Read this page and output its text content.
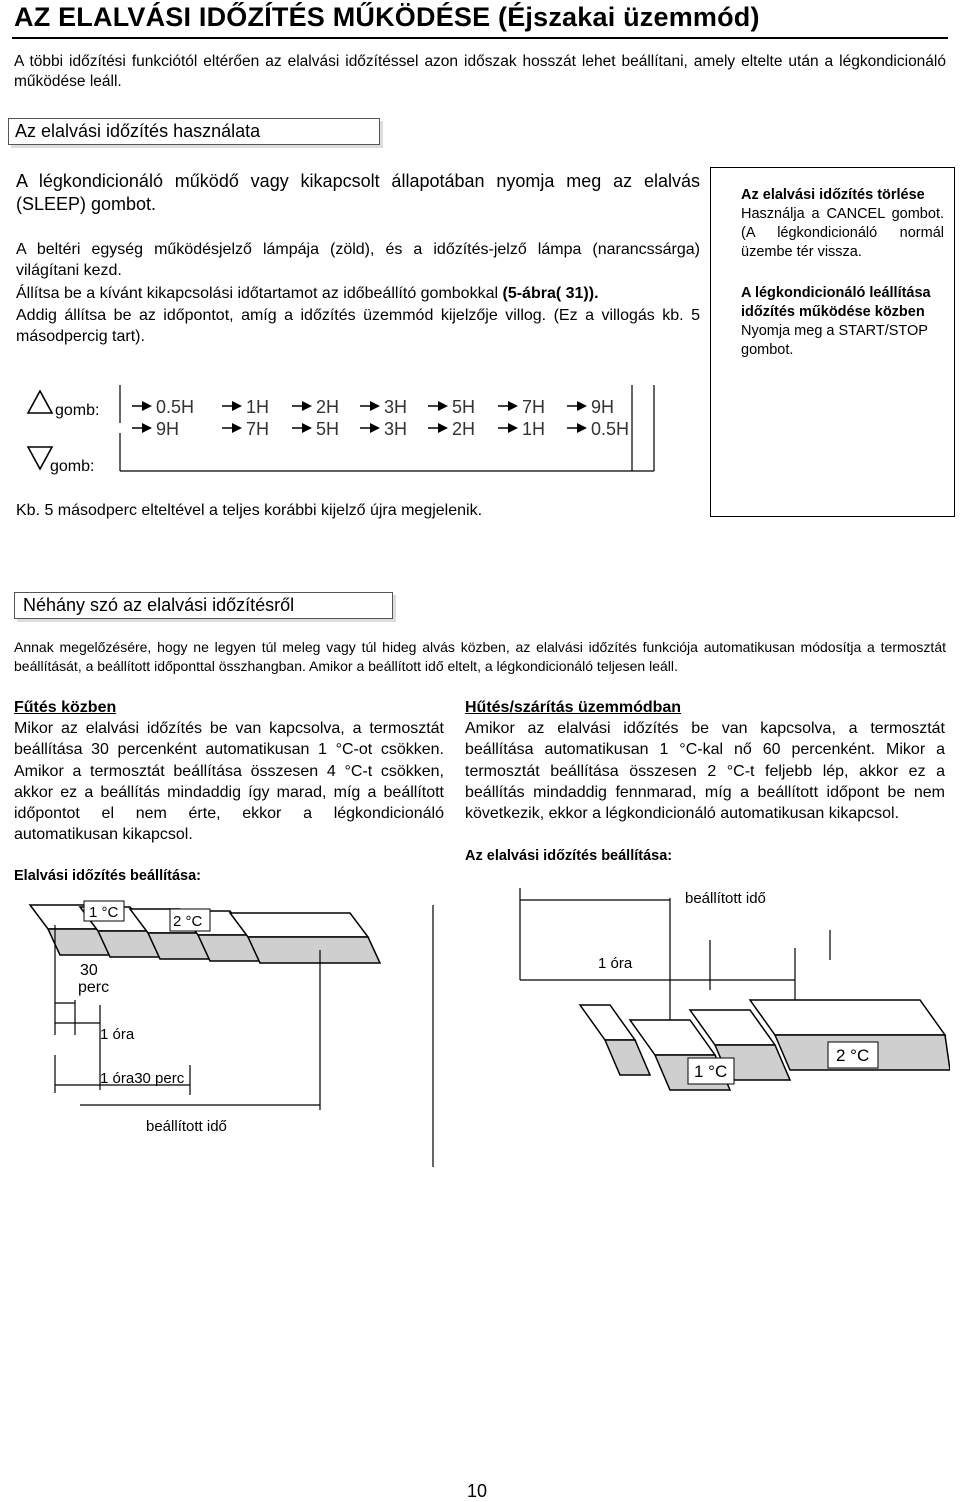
AZ ELALVÁSI IDŐZÍTÉS MŰKÖDÉSE (Éjszakai üzemmód)
A többi időzítési funkciótól eltérően az elalvási időzítéssel azon időszak hosszát lehet beállítani, amely eltelte után a légkondicionáló működése leáll.
Az elalvási időzítés használata
A légkondicionáló működő vagy kikapcsolt állapotában nyomja meg az elalvás (SLEEP) gombot.
A beltéri egység működésjelző lámpája (zöld), és a időzítés-jelző lámpa (narancssárga) világítani kezd.
Állítsa be a kívánt kikapcsolási időtartamot az időbeállító gombokkal (5-ábra( 31)).
Addig állítsa be az időpontot, amíg a időzítés üzemmód kijelzője villog. (Ez a villogás kb. 5 másodpercig tart).
0.5H	1H	2H 3H 5H	7H	9H
9H	7H	5H 3H 2H	1H	0.5H
gomb:
gomb:
Kb. 5 másodperc elteltével a teljes korábbi kijelző újra megjelenik.
Az elalvási időzítés törlése
Használja a CANCEL gombot. (A légkondicionáló normál üzembe tér vissza.
A légkondicionáló leállítása időzítés működése közben
Nyomja meg a START/STOP gombot.
Néhány szó az elalvási időzítésről
Annak megelőzésére, hogy ne legyen túl meleg vagy túl hideg alvás közben, az elalvási időzítés funkciója automatikusan módosítja a termosztát beállítását, a beállított időponttal összhangban. Amikor a beállított idő eltelt, a légkondicionáló teljesen leáll.
Fűtés közben
Mikor az elalvási időzítés be van kapcsolva, a termosztát beállítása 30 percenként automatikusan 1 °C-ot csökken. Amikor a termosztát beállítása összesen 4 °C-t csökken, akkor ez a beállítás mindaddig így marad, míg a beállított időpontot el nem érte, ekkor a légkondicionáló automatikusan kikapcsol.
Elalvási időzítés beállítása:
Hűtés/szárítás üzemmódban
Amikor az elalvási időzítés be van kapcsolva, a termosztát beállítása automatikusan 1 °C-kal nő 60 percenként. Mikor a termosztát beállítása összesen 2 °C-t feljebb lép, akkor ez a beállítás mindaddig fennmarad, míg a beállított időpont be nem következik, ekkor a légkondicionáló automatikusan kikapcsol.
Az elalvási időzítés beállítása:
1 °C
2 °C
30
perc
1 óra
1 óra30 perc
beállított idő
beállított idő
1 óra
1 °C
2 °C
10
